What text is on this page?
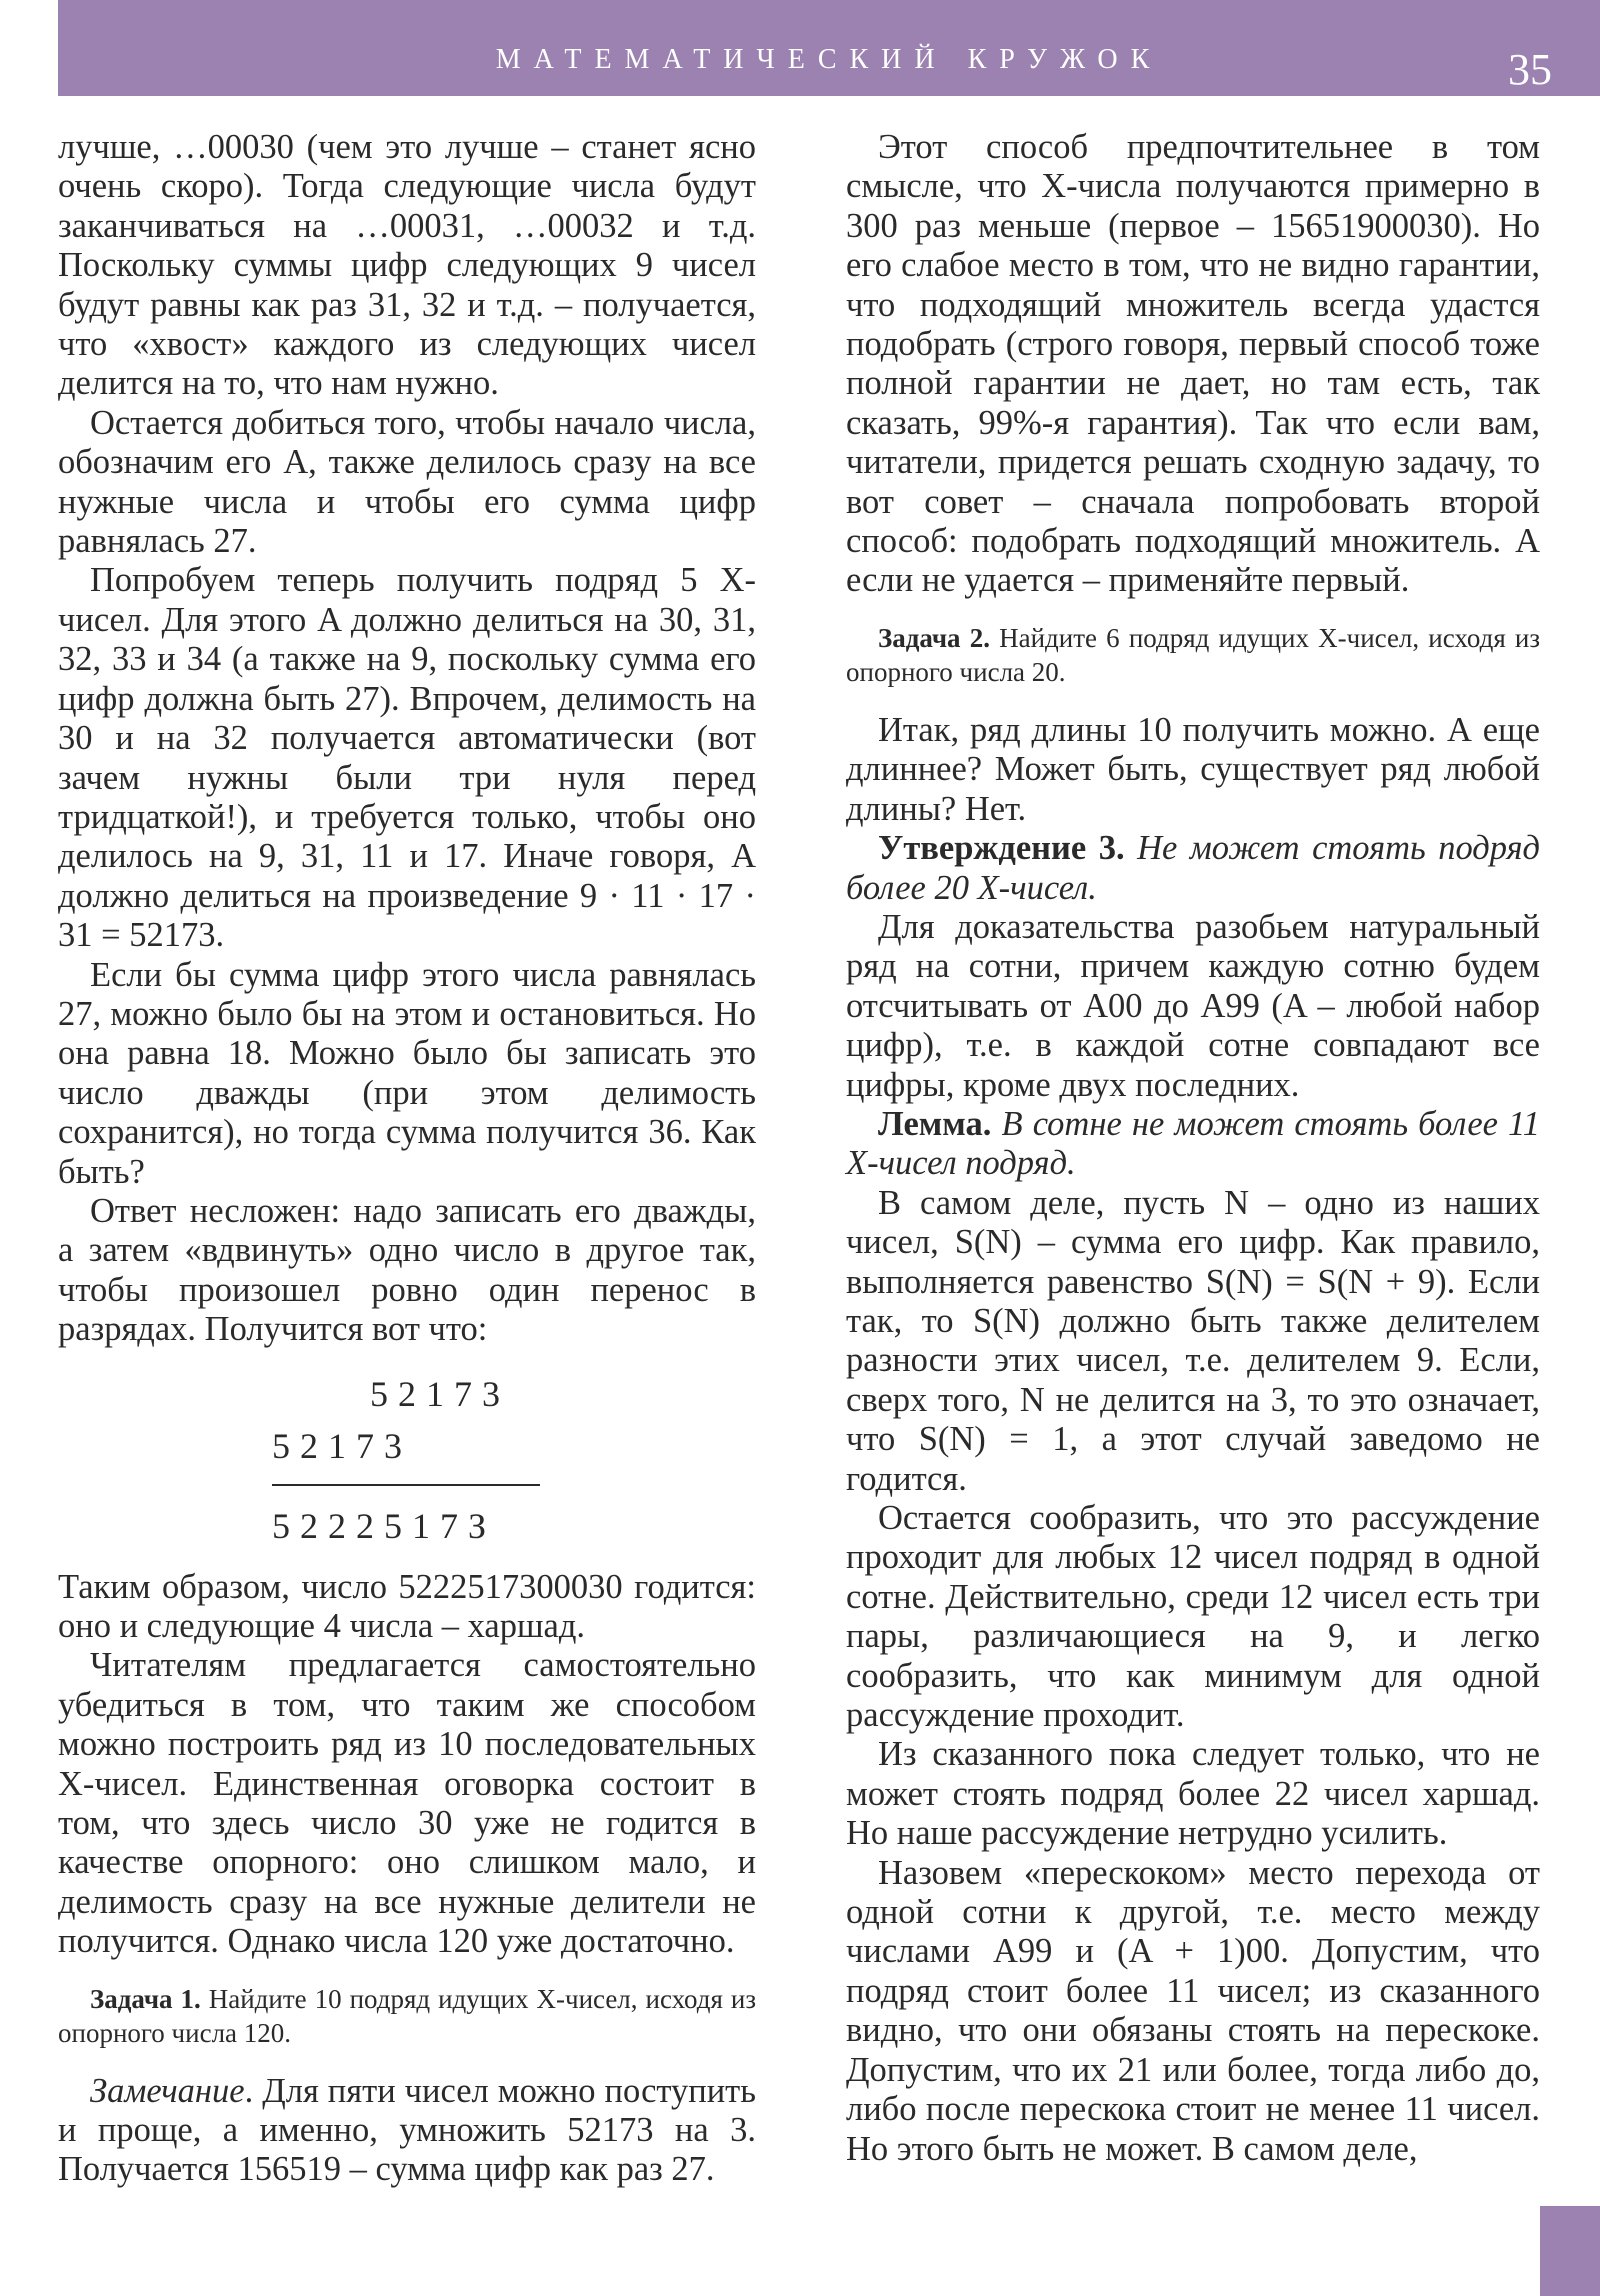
МАТЕМАТИЧЕСКИЙ КРУЖОК	35

лучше, …00030 (чем это лучше – станет ясно очень скоро). Тогда следующие числа будут заканчиваться на …00031, …00032 и т.д. Поскольку суммы цифр следующих 9 чисел будут равны как раз 31, 32 и т.д. – получается, что «хвост» каждого из следующих чисел делится на то, что нам нужно.

Остается добиться того, чтобы начало числа, обозначим его A, также делилось сразу на все нужные числа и чтобы его сумма цифр равнялась 27.

Попробуем теперь получить подряд 5 Х-чисел. Для этого A должно делиться на 30, 31, 32, 33 и 34 (а также на 9, поскольку сумма его цифр должна быть 27). Впрочем, делимость на 30 и на 32 получается автоматически (вот зачем нужны были три нуля перед тридцаткой!), и требуется только, чтобы оно делилось на 9, 31, 11 и 17. Иначе говоря, A должно делиться на произведение 9 · 11 · 17 · 31 = 52173.

Если бы сумма цифр этого числа равнялась 27, можно было бы на этом и остановиться. Но она равна 18. Можно было бы записать это число дважды (при этом делимость сохранится), но тогда сумма получится 36. Как быть?

Ответ несложен: надо записать его дважды, а затем «вдвинуть» одно число в другое так, чтобы произошел ровно один перенос в разрядах. Получится вот что:

52173
52173
5222517З

Таким образом, число 5222517300030 годится: оно и следующие 4 числа – харшад.

Читателям предлагается самостоятельно убедиться в том, что таким же способом можно построить ряд из 10 последовательных Х-чисел. Единственная оговорка состоит в том, что здесь число 30 уже не годится в качестве опорного: оно слишком мало, и делимость сразу на все нужные делители не получится. Однако числа 120 уже достаточно.

Задача 1. Найдите 10 подряд идущих Х-чисел, исходя из опорного числа 120.

Замечание. Для пяти чисел можно поступить и проще, а именно, умножить 52173 на 3. Получается 156519 – сумма цифр как раз 27.

Этот способ предпочтительнее в том смысле, что Х-числа получаются примерно в 300 раз меньше (первое – 15651900030). Но его слабое место в том, что не видно гарантии, что подходящий множитель всегда удастся подобрать (строго говоря, первый способ тоже полной гарантии не дает, но там есть, так сказать, 99%-я гарантия). Так что если вам, читатели, придется решать сходную задачу, то вот совет – сначала попробовать второй способ: подобрать подходящий множитель. А если не удается – применяйте первый.

Задача 2. Найдите 6 подряд идущих Х-чисел, исходя из опорного числа 20.

Итак, ряд длины 10 получить можно. А еще длиннее? Может быть, существует ряд любой длины? Нет.

Утверждение 3. Не может стоять подряд более 20 Х-чисел.

Для доказательства разобьем натуральный ряд на сотни, причем каждую сотню будем отсчитывать от A00 до A99 (A – любой набор цифр), т.е. в каждой сотне совпадают все цифры, кроме двух последних.

Лемма. В сотне не может стоять более 11 Х-чисел подряд.

В самом деле, пусть N – одно из наших чисел, S(N) – сумма его цифр. Как правило, выполняется равенство S(N) = S(N + 9). Если так, то S(N) должно быть также делителем разности этих чисел, т.е. делителем 9. Если, сверх того, N не делится на 3, то это означает, что S(N) = 1, а этот случай заведомо не годится.

Остается сообразить, что это рассуждение проходит для любых 12 чисел подряд в одной сотне. Действительно, среди 12 чисел есть три пары, различающиеся на 9, и легко сообразить, что как минимум для одной рассуждение проходит.

Из сказанного пока следует только, что не может стоять подряд более 22 чисел харшад. Но наше рассуждение нетрудно усилить.

Назовем «перескоком» место перехода от одной сотни к другой, т.е. место между числами A99 и (A + 1)00. Допустим, что подряд стоит более 11 чисел; из сказанного видно, что они обязаны стоять на перескоке. Допустим, что их 21 или более, тогда либо до, либо после перескока стоит не менее 11 чисел. Но этого быть не может. В самом деле,
